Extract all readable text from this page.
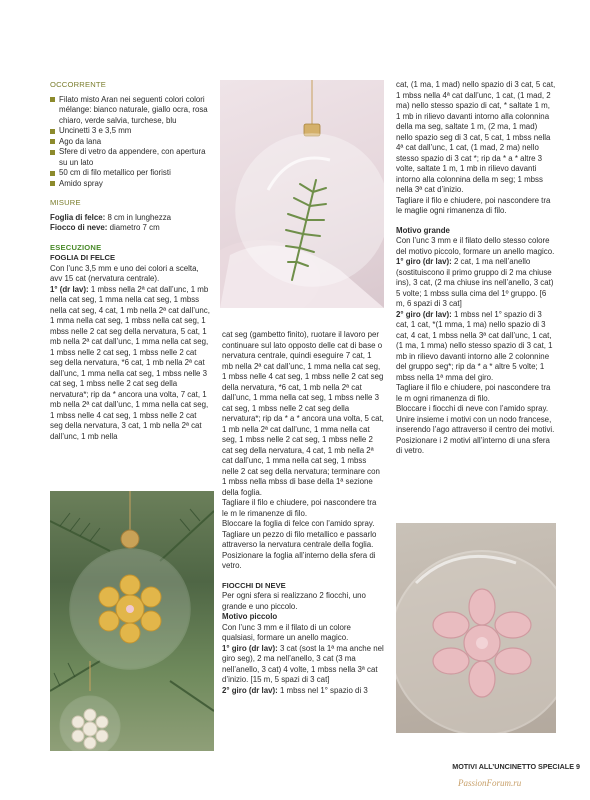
OCCORRENTE
Filato misto Aran nei seguenti colori colori mélange: bianco naturale, giallo ocra, rosa chiaro, verde salvia, turchese, blu
Uncinetti 3 e 3,5 mm
Ago da lana
Sfere di vetro da appendere, con apertura su un lato
50 cm di filo metallico per fioristi
Amido spray
MISURE
Foglia di felce: 8 cm in lunghezza
Fiocco di neve: diametro 7 cm
ESECUZIONE
FOGLIA DI FELCE
Con l’unc 3,5 mm e uno dei colori a scelta, avv 15 cat (nervatura centrale).
1° (dr lav): 1 mbss nella 2ª cat dall’unc, 1 mb nella cat seg, 1 mma nella cat seg, 1 mbss nella cat seg, 4 cat, 1 mb nella 2ª cat dall’unc, 1 mma nella cat seg, 1 mbss nella cat seg, 1 mbss nelle 2 cat seg della nervatura, 5 cat, 1 mb nella 2ª cat dall’unc, 1 mma nella cat seg, 1 mbss nelle 2 cat seg, 1 mbss nelle 2 cat seg della nervatura, *6 cat, 1 mb nella 2ª cat dall’unc, 1 mma nella cat seg, 1 mbss nelle 3 cat seg, 1 mbss nelle 2 cat seg della nervatura*; rip da * ancora una volta, 7 cat, 1 mb nella 2ª cat dall’unc, 1 mma nella cat seg, 1 mbss nelle 4 cat seg, 1 mbss nelle 2 cat seg della nervatura, 3 cat, 1 mb nella 2ª cat dall’unc, 1 mb nella
cat seg (gambetto finito), ruotare il lavoro per continuare sul lato opposto delle cat di base o nervatura centrale, quindi eseguire 7 cat, 1 mb nella 2ª cat dall’unc, 1 mma nella cat seg, 1 mbss nelle 4 cat seg, 1 mbss nelle 2 cat seg della nervatura, *6 cat, 1 mb nella 2ª cat dall’unc, 1 mma nella cat seg, 1 mbss nelle 3 cat seg, 1 mbss nelle 2 cat seg della nervatura*; rip da * a * ancora una volta, 5 cat, 1 mb nella 2ª cat dall’unc, 1 mma nella cat seg, 1 mbss nelle 2 cat seg, 1 mbss nelle 2 cat seg della nervatura, 4 cat, 1 mb nella 2ª cat dall’unc, 1 mma nella cat seg, 1 mbss nelle 2 cat seg della nervatura; terminare con 1 mbss nella mbss di base della 1ª sezione della foglia.
Tagliare il filo e chiudere, poi nascondere tra le m le rimanenze di filo.
Bloccare la foglia di felce con l’amido spray.
Tagliare un pezzo di filo metallico e passarlo attraverso la nervatura centrale della foglia. Posizionare la foglia all’interno della sfera di vetro.
FIOCCHI DI NEVE
Per ogni sfera si realizzano 2 fiocchi, uno grande e uno piccolo.
Motivo piccolo
Con l’unc 3 mm e il filato di un colore qualsiasi, formare un anello magico.
1° giro (dr lav): 3 cat (sost la 1ª ma anche nel giro seg), 2 ma nell’anello, 3 cat (3 ma nell’anello, 3 cat) 4 volte, 1 mbss nella 3ª cat d’inizio. [15 m, 5 spazi di 3 cat]
2° giro (dr lav): 1 mbss nel 1° spazio di 3
cat, (1 ma, 1 mad) nello spazio di 3 cat, 5 cat, 1 mbss nella 4ª cat dall’unc, 1 cat, (1 mad, 2 ma) nello stesso spazio di cat, * saltate 1 m, 1 mb in rilievo davanti intorno alla colonnina della ma seg, saltate 1 m, (2 ma, 1 mad) nello spazio seg di 3 cat, 5 cat, 1 mbss nella 4ª cat dall’unc, 1 cat, (1 mad, 2 ma) nello stesso spazio di 3 cat *; rip da * a * altre 3 volte, saltate 1 m, 1 mb in rilievo davanti intorno alla colonnina della m seg; 1 mbss nella 3ª cat d’inizio.
Tagliare il filo e chiudere, poi nascondere tra le maglie ogni rimanenza di filo.
Motivo grande
Con l’unc 3 mm e il filato dello stesso colore del motivo piccolo, formare un anello magico.
1° giro (dr lav): 2 cat, 1 ma nell’anello (sostituiscono il primo gruppo di 2 ma chiuse ins), 3 cat, (2 ma chiuse ins nell’anello, 3 cat) 5 volte; 1 mbss sulla cima del 1º gruppo. [6 m, 6 spazi di 3 cat]
2° giro (dr lav): 1 mbss nel 1° spazio di 3 cat, 1 cat, *(1 mma, 1 ma) nello spazio di 3 cat, 4 cat, 1 mbss nella 3ª cat dall’unc, 1 cat, (1 ma, 1 mma) nello stesso spazio di 3 cat, 1 mb in rilievo davanti intorno alle 2 colonnine del gruppo seg*; rip da * a * altre 5 volte; 1 mbss nella 1ª mma del giro.
Tagliare il filo e chiudere, poi nascondere tra le m ogni rimanenza di filo.
Bloccare i fiocchi di neve con l’amido spray.
Unire insieme i motivi con un nodo francese, inserendo l’ago attraverso il centro dei motivi. Posizionare i 2 motivi all’interno di una sfera di vetro.
MOTIVI ALL’UNCINETTO SPECIALE 9
PassionForum.ru
